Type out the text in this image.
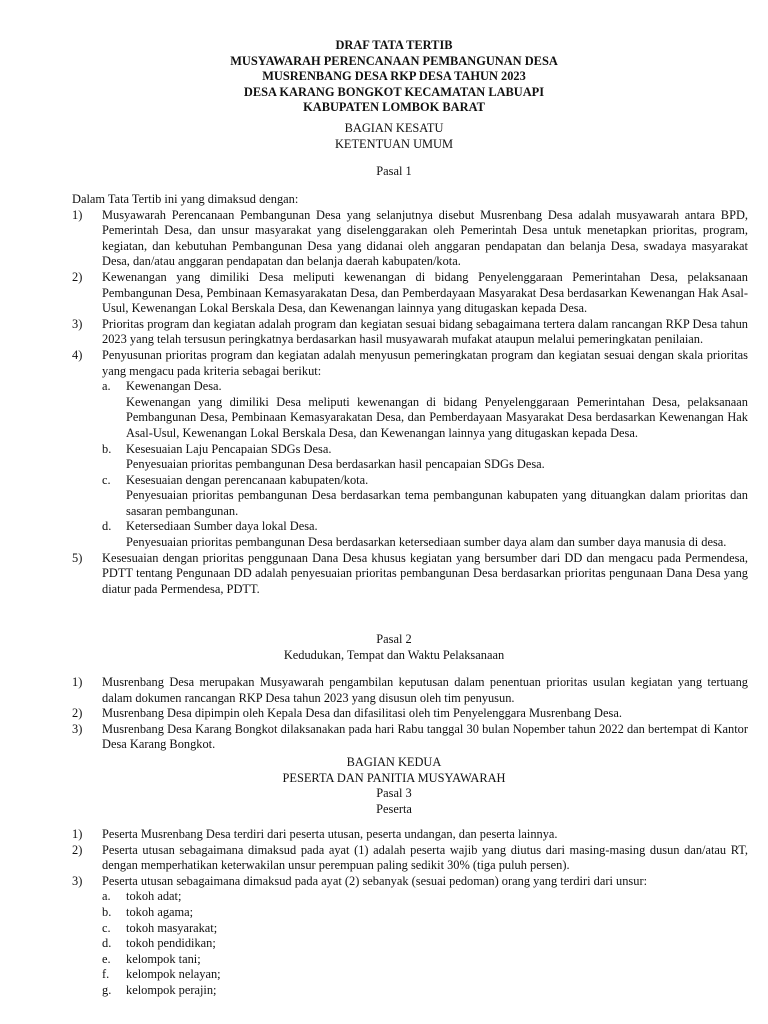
DRAF TATA TERTIB

MUSYAWARAH PERENCANAAN PEMBANGUNAN DESA

MUSRENBANG DESA RKP DESA TAHUN 2023

DESA KARANG BONGKOT KECAMATAN LABUAPI

KABUPATEN LOMBOK BARAT

BAGIAN KESATU

KETENTUAN UMUM

Pasal 1

Dalam Tata Tertib ini yang dimaksud dengan:

1)	Musyawarah Perencanaan Pembangunan Desa yang selanjutnya disebut Musrenbang Desa adalah musyawarah antara BPD, Pemerintah Desa, dan unsur masyarakat yang diselenggarakan oleh Pemerintah Desa untuk menetapkan prioritas, program, kegiatan, dan kebutuhan Pembangunan Desa yang didanai oleh anggaran pendapatan dan belanja Desa, swadaya masyarakat Desa, dan/atau anggaran pendapatan dan belanja daerah kabupaten/kota.
2)	Kewenangan yang dimiliki Desa meliputi kewenangan di bidang Penyelenggaraan Pemerintahan Desa, pelaksanaan Pembangunan Desa, Pembinaan Kemasyarakatan Desa, dan Pemberdayaan Masyarakat Desa berdasarkan Kewenangan Hak Asal-Usul, Kewenangan Lokal Berskala Desa, dan Kewenangan lainnya yang ditugaskan kepada Desa.
3)	Prioritas program dan kegiatan adalah program dan kegiatan sesuai bidang sebagaimana tertera dalam rancangan RKP Desa tahun 2023 yang telah tersusun peringkatnya berdasarkan hasil musyawarah mufakat ataupun melalui pemeringkatan penilaian.
4)	Penyusunan prioritas program dan kegiatan adalah menyusun pemeringkatan program dan kegiatan sesuai dengan skala prioritas yang mengacu pada kriteria sebagai berikut:
a.	Kewenangan Desa.

Kewenangan yang dimiliki Desa meliputi kewenangan di bidang Penyelenggaraan Pemerintahan Desa, pelaksanaan Pembangunan Desa, Pembinaan Kemasyarakatan Desa, dan Pemberdayaan Masyarakat Desa berdasarkan Kewenangan Hak Asal-Usul, Kewenangan Lokal Berskala Desa, dan Kewenangan lainnya yang ditugaskan kepada Desa.

b.	Kesesuaian Laju Pencapaian SDGs Desa.

Penyesuaian prioritas pembangunan Desa berdasarkan hasil pencapaian SDGs Desa.

c.	Kesesuaian dengan perencanaan kabupaten/kota.

Penyesuaian prioritas pembangunan Desa berdasarkan tema pembangunan kabupaten yang dituangkan dalam prioritas dan sasaran pembangunan.

d.	Ketersediaan Sumber daya lokal Desa.

Penyesuaian prioritas pembangunan Desa berdasarkan ketersediaan sumber daya alam dan sumber daya manusia di desa.

5)	Kesesuaian dengan prioritas penggunaan Dana Desa khusus kegiatan yang bersumber dari DD dan mengacu pada Permendesa, PDTT tentang Pengunaan DD adalah penyesuaian prioritas pembangunan Desa berdasarkan prioritas pengunaan Dana Desa yang diatur pada Permendesa, PDTT.

Pasal 2

Kedudukan, Tempat dan Waktu Pelaksanaan

1)	Musrenbang Desa merupakan Musyawarah pengambilan keputusan dalam penentuan prioritas usulan kegiatan yang tertuang dalam dokumen rancangan RKP Desa tahun 2023 yang disusun oleh tim penyusun.
2)	Musrenbang Desa dipimpin oleh Kepala Desa dan difasilitasi oleh tim Penyelenggara Musrenbang Desa.
3)	Musrenbang Desa Karang Bongkot dilaksanakan pada hari Rabu tanggal 30 bulan Nopember tahun 2022 dan bertempat di Kantor Desa Karang Bongkot.

BAGIAN KEDUA

PESERTA DAN PANITIA MUSYAWARAH

Pasal 3

Peserta

1)	Peserta Musrenbang Desa terdiri dari peserta utusan, peserta undangan, dan peserta lainnya.
2)	Peserta utusan sebagaimana dimaksud pada ayat (1) adalah peserta wajib yang diutus dari masing-masing dusun dan/atau RT, dengan memperhatikan keterwakilan unsur perempuan paling sedikit 30% (tiga puluh persen).
3)	Peserta utusan sebagaimana dimaksud pada ayat (2) sebanyak (sesuai pedoman) orang yang terdiri dari unsur:
a.	tokoh adat;
b.	tokoh agama;
c.	tokoh masyarakat;
d.	tokoh pendidikan;
e.	kelompok tani;
f.	kelompok nelayan;
g.	kelompok perajin;
